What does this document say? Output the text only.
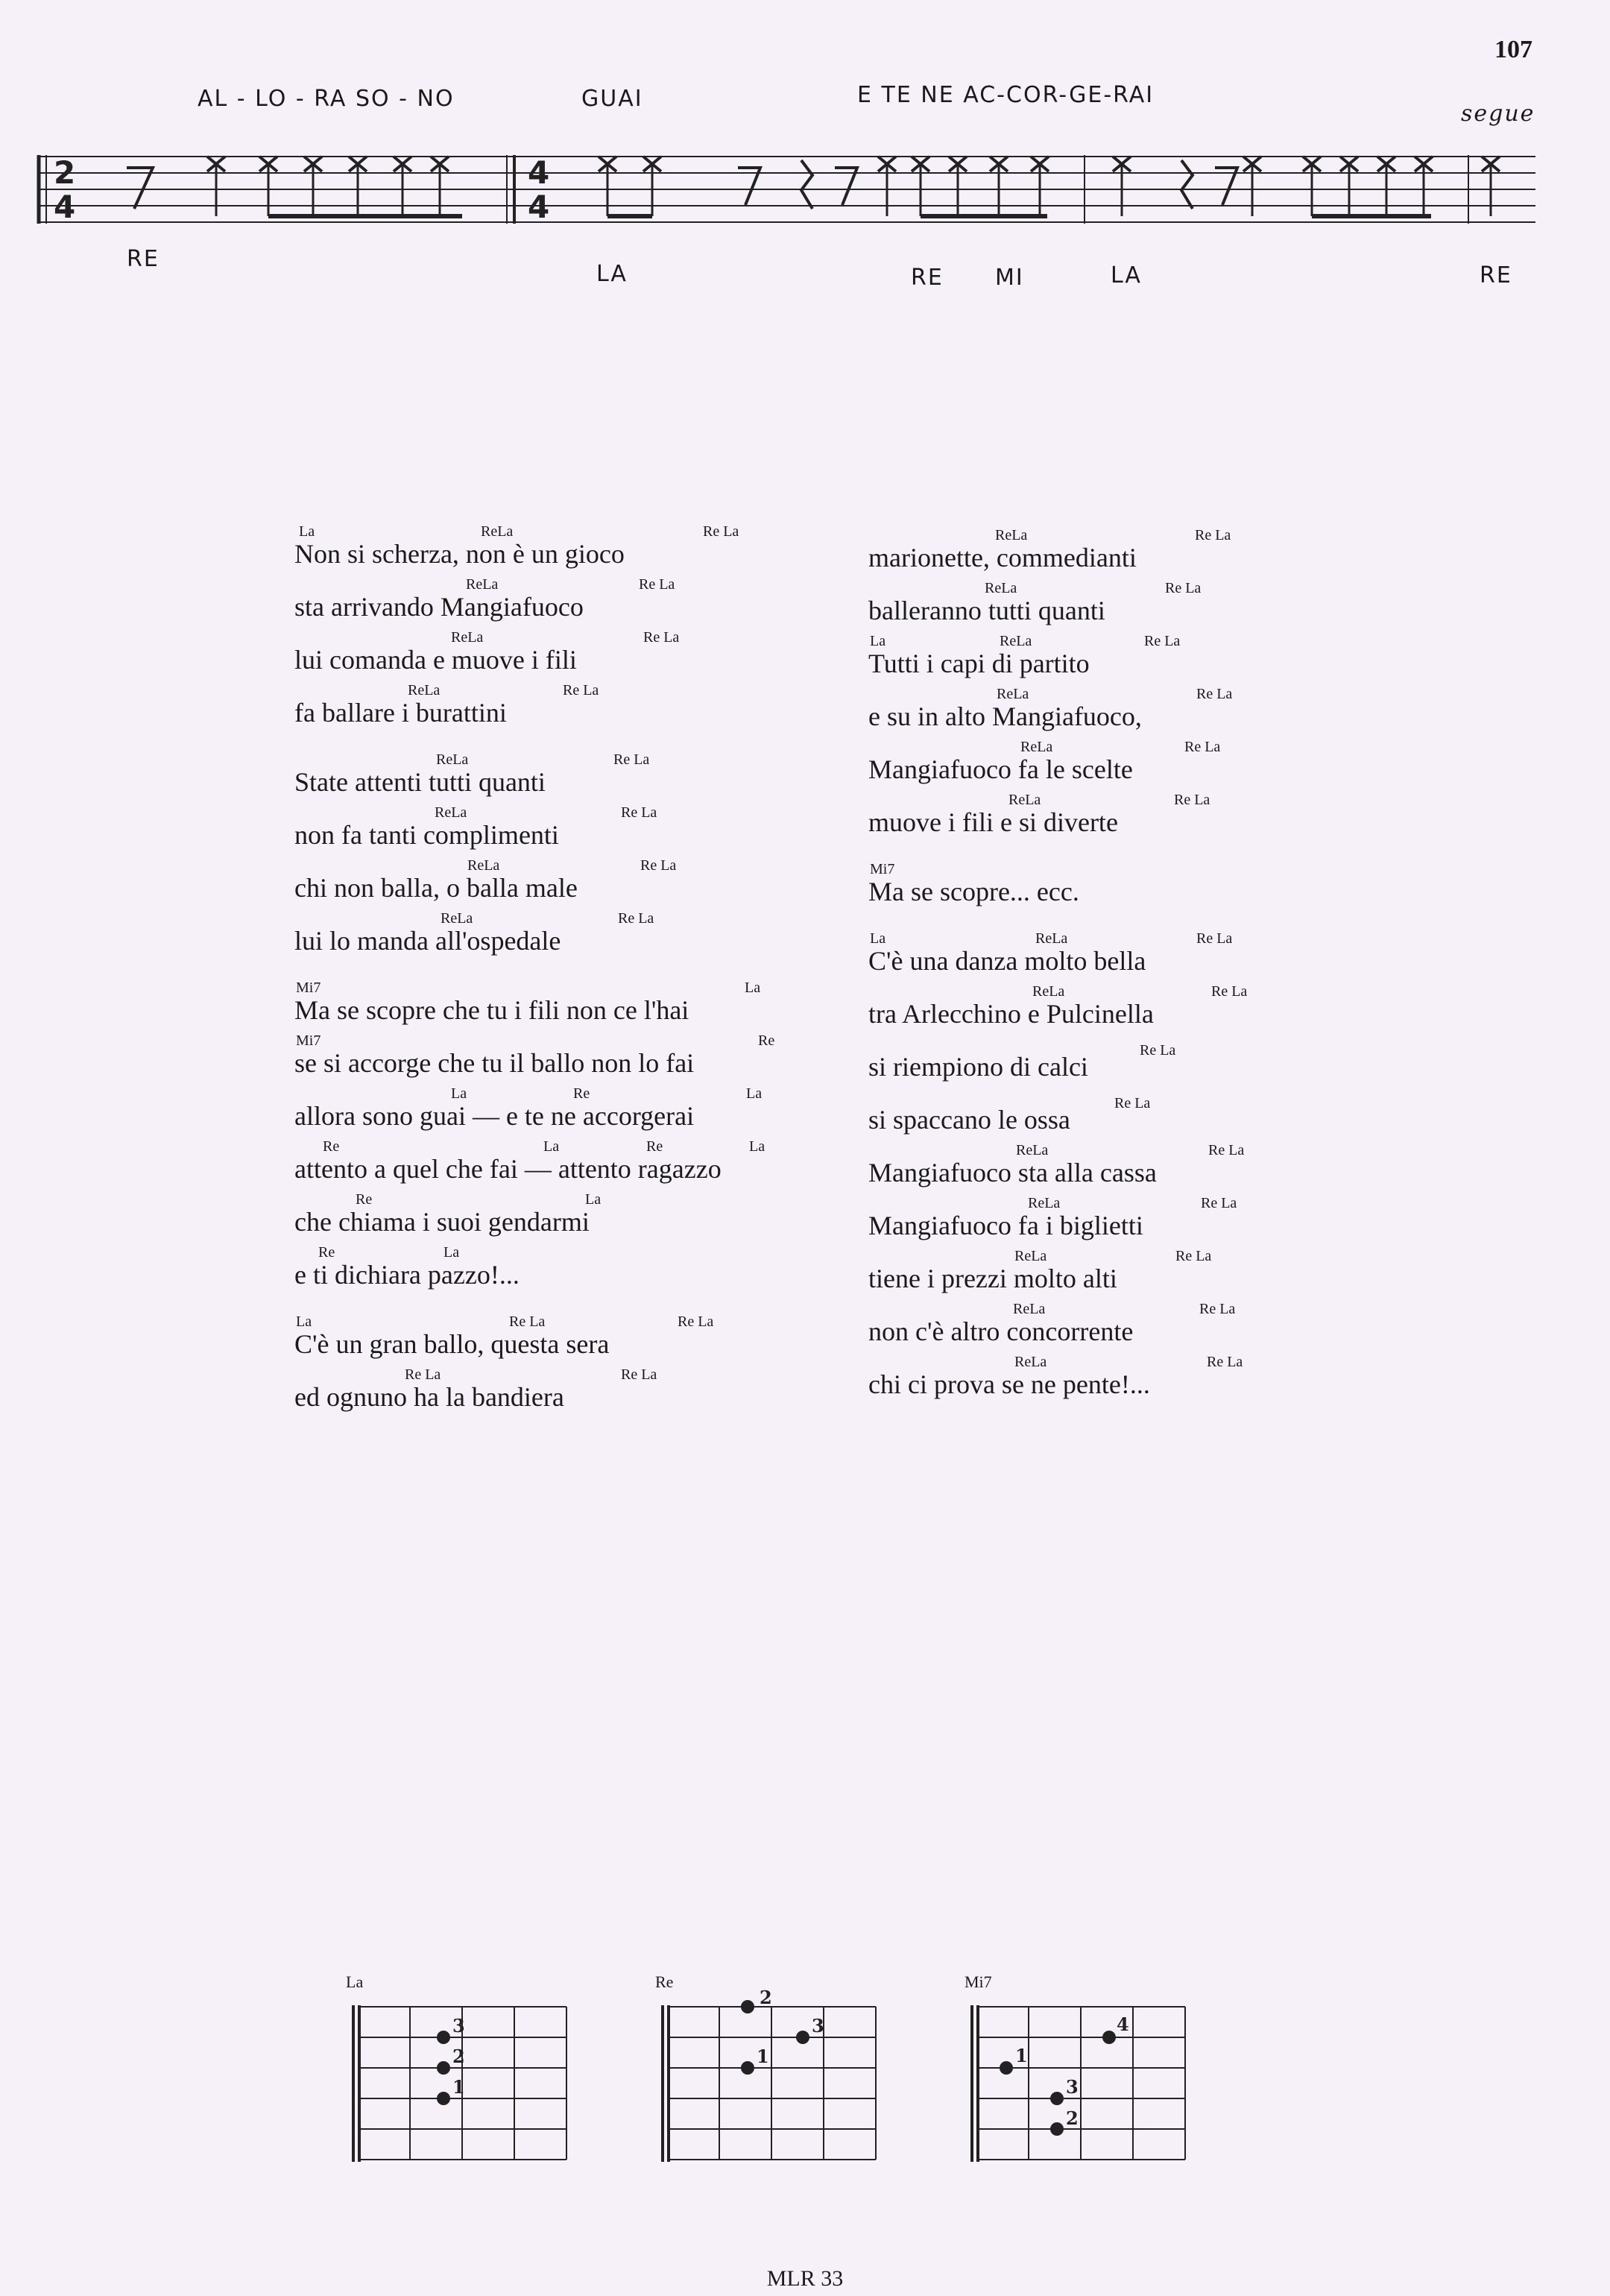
107
AL - LO - RA SO - NO	GUAI	E TE NE AC-COR-GE-RAI
segue
2
4
4
4
RE
LA	RE MI	LA	RE
La	ReLa	Re La
Non si scherza, non è un gioco
ReLa	Re La
sta arrivando Mangiafuoco
ReLa	Re La
lui comanda e muove i fili
ReLa	Re La
fa ballare i burattini
ReLa	Re La
State attenti tutti quanti
ReLa	Re La
non fa tanti complimenti
ReLa	Re La
chi non balla, o balla male
ReLa	Re La
lui lo manda all'ospedale
Mi7	La
Ma se scopre che tu i fili non ce l'hai
Mi7	Re
se si accorge che tu il ballo non lo fai
La	Re	La
allora sono guai — e te ne accorgerai
Re	La	Re	La
attento a quel che fai — attento ragazzo
Re	La
che chiama i suoi gendarmi
Re	La
e ti dichiara pazzo!...
La	Re La	Re La
C'è un gran ballo, questa sera
Re La	Re La
ed ognuno ha la bandiera
ReLa	Re La
marionette, commedianti
ReLa	Re La
balleranno tutti quanti
La	ReLa	Re La
Tutti i capi di partito
ReLa	Re La
e su in alto Mangiafuoco,
ReLa	Re La
Mangiafuoco fa le scelte
ReLa	Re La
muove i fili e si diverte
Mi7
Ma se scopre... ecc.
La	ReLa	Re La
C'è una danza molto bella
ReLa	Re La
tra Arlecchino e Pulcinella
Re La
si riempiono di calci
Re La
si spaccano le ossa
ReLa	Re La
Mangiafuoco sta alla cassa
ReLa	Re La
Mangiafuoco fa i biglietti
ReLa	Re La
tiene i prezzi molto alti
ReLa	Re La
non c'è altro concorrente
ReLa	Re La
chi ci prova se ne pente!...
La
3
2
1
Re
2
3
1
Mi7
4
1
3
2
MLR 33
